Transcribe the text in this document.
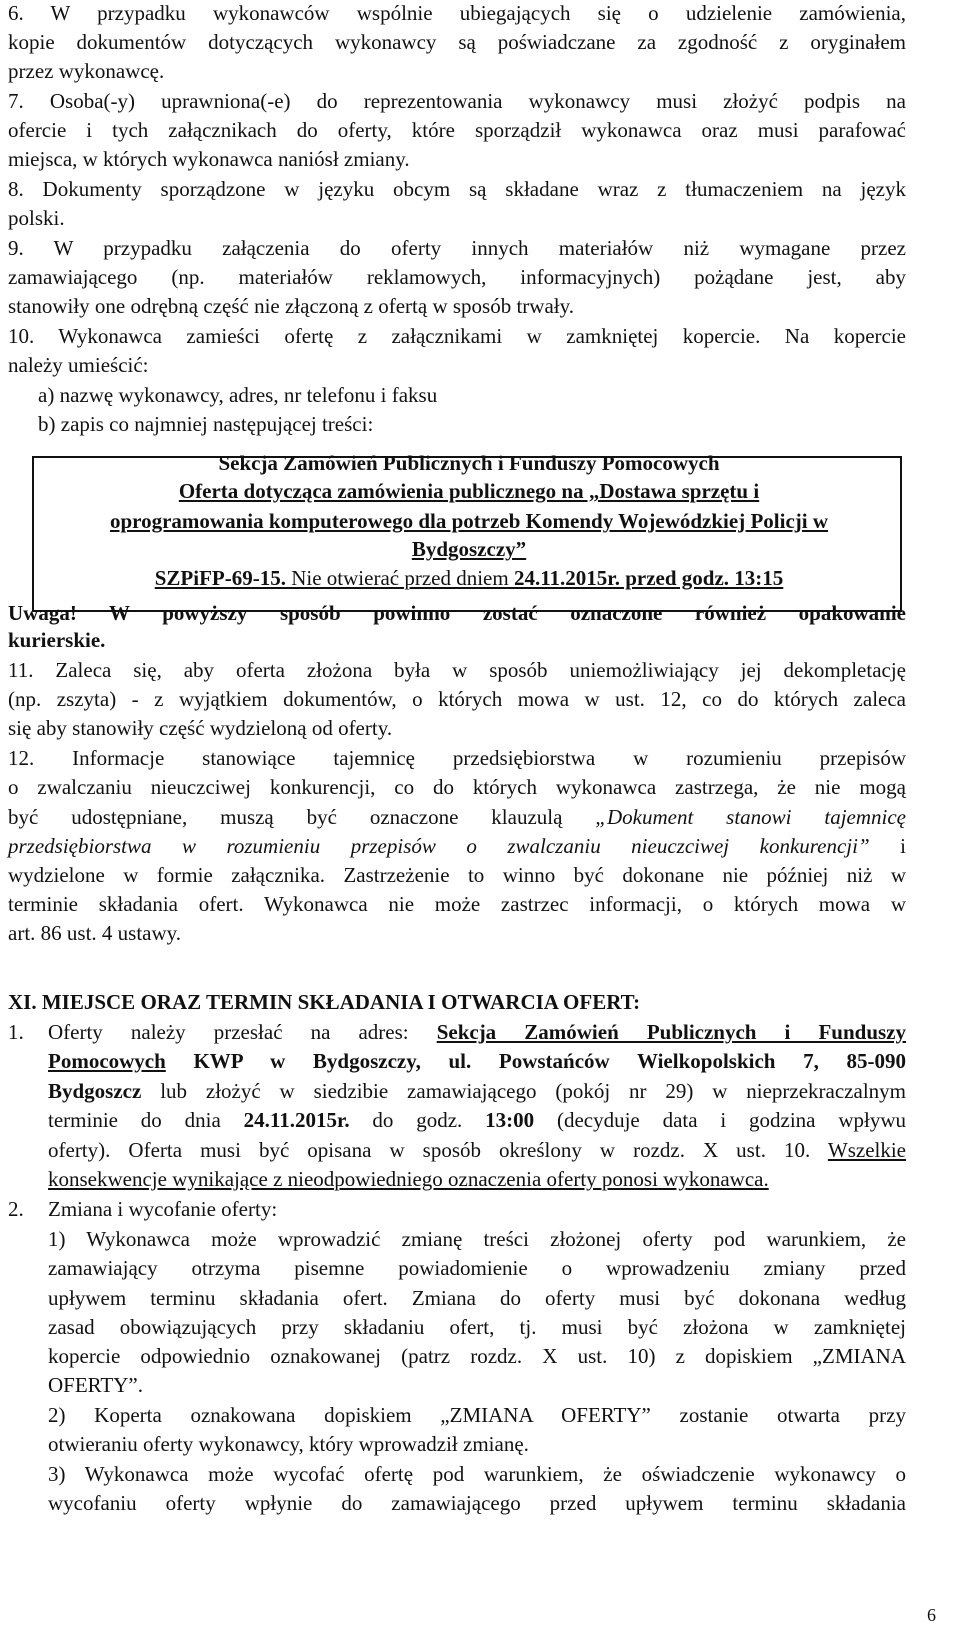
6. W przypadku wykonawców wspólnie ubiegających się o udzielenie zamówienia,
kopie dokumentów dotyczących wykonawcy są poświadczane za zgodność z oryginałem
przez wykonawcę.
7. Osoba(-y) uprawniona(-e) do reprezentowania wykonawcy musi złożyć podpis na
ofercie i tych załącznikach do oferty, które sporządził wykonawca oraz musi parafować
miejsca, w których wykonawca naniósł zmiany.
8. Dokumenty sporządzone w języku obcym są składane wraz z tłumaczeniem na język
polski.
9. W przypadku załączenia do oferty innych materiałów niż wymagane przez
zamawiającego (np. materiałów reklamowych, informacyjnych) pożądane jest, aby
stanowiły one odrębną część nie złączoną z ofertą w sposób trwały.
10. Wykonawca zamieści ofertę z załącznikami w zamkniętej kopercie. Na kopercie
należy umieścić:
a) nazwę wykonawcy, adres, nr telefonu i faksu
b) zapis co najmniej następującej treści:
Sekcja Zamówień Publicznych i Funduszy Pomocowych
Oferta dotycząca zamówienia publicznego na „Dostawa sprzętu i
oprogramowania komputerowego dla potrzeb Komendy Wojewódzkiej Policji w
Bydgoszczy”
SZPiFP-69-15. Nie otwierać przed dniem 24.11.2015r. przed godz. 13:15
Uwaga! W powyższy sposób powinno zostać oznaczone również opakowanie
kurierskie.
11. Zaleca się, aby oferta złożona była w sposób uniemożliwiający jej dekompletację
(np. zszyta) - z wyjątkiem dokumentów, o których mowa w ust. 12, co do których zaleca
się aby stanowiły część wydzieloną od oferty.
12. Informacje stanowiące tajemnicę przedsiębiorstwa w rozumieniu przepisów
o zwalczaniu nieuczciwej konkurencji, co do których wykonawca zastrzega, że nie mogą
być udostępniane, muszą być oznaczone klauzulą „Dokument stanowi tajemnicę
przedsiębiorstwa w rozumieniu przepisów o zwalczaniu nieuczciwej konkurencji” i
wydzielone w formie załącznika. Zastrzeżenie to winno być dokonane nie później niż w
terminie składania ofert. Wykonawca nie może zastrzec informacji, o których mowa w
art. 86 ust. 4 ustawy.
XI. MIEJSCE ORAZ TERMIN SKŁADANIA I OTWARCIA OFERT:
1.	Oferty należy przesłać na adres: Sekcja Zamówień Publicznych i Funduszy
Pomocowych KWP w Bydgoszczy, ul. Powstańców Wielkopolskich 7, 85-090
Bydgoszcz lub złożyć w siedzibie zamawiającego (pokój nr 29) w nieprzekraczalnym
terminie do dnia 24.11.2015r. do godz. 13:00 (decyduje data i godzina wpływu
oferty). Oferta musi być opisana w sposób określony w rozdz. X ust. 10. Wszelkie
konsekwencje wynikające z nieodpowiedniego oznaczenia oferty ponosi wykonawca.
2.	Zmiana i wycofanie oferty:
1) Wykonawca może wprowadzić zmianę treści złożonej oferty pod warunkiem, że
zamawiający otrzyma pisemne powiadomienie o wprowadzeniu zmiany przed
upływem terminu składania ofert. Zmiana do oferty musi być dokonana według
zasad obowiązujących przy składaniu ofert, tj. musi być złożona w zamkniętej
kopercie odpowiednio oznakowanej (patrz rozdz. X ust. 10) z dopiskiem „ZMIANA
OFERTY”.
2) Koperta oznakowana dopiskiem „ZMIANA OFERTY” zostanie otwarta przy
otwieraniu oferty wykonawcy, który wprowadził zmianę.
3) Wykonawca może wycofać ofertę pod warunkiem, że oświadczenie wykonawcy o
wycofaniu oferty wpłynie do zamawiającego przed upływem terminu składania
6
